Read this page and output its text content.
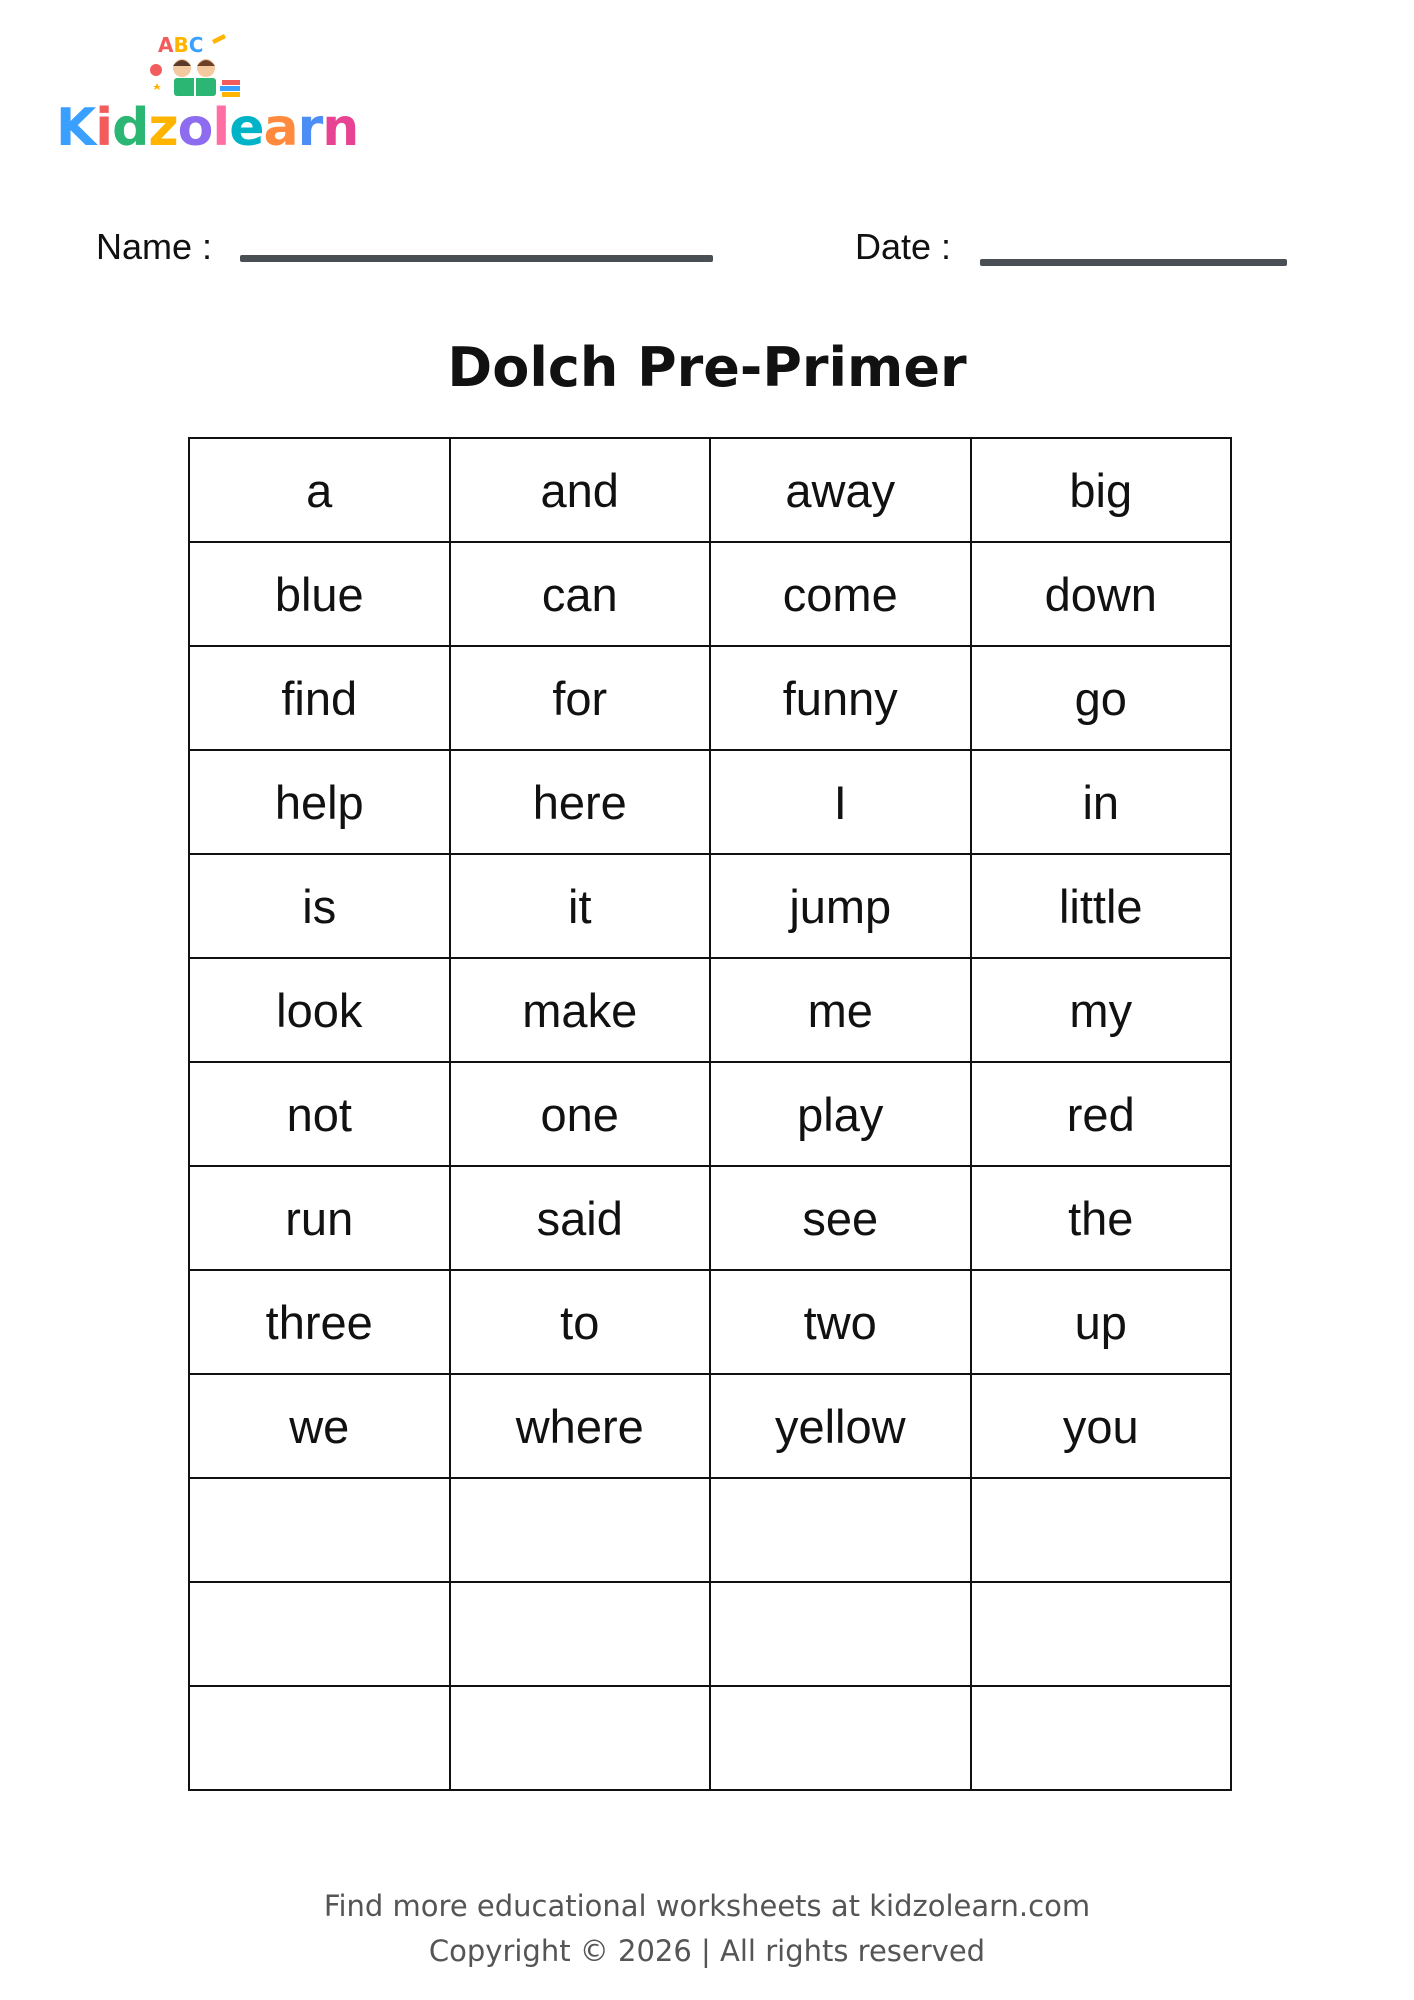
ABC
Kidzolearn
Name :	Date :
Dolch Pre-Primer
a	and	away	big
blue	can	come	down
find	for	funny	go
help	here	I	in
is	it	jump	little
look	make	me	my
not	one	play	red
run	said	see	the
three	to	two	up
we	where	yellow	you

Find more educational worksheets at kidzolearn.com
Copyright © 2026 | All rights reserved
